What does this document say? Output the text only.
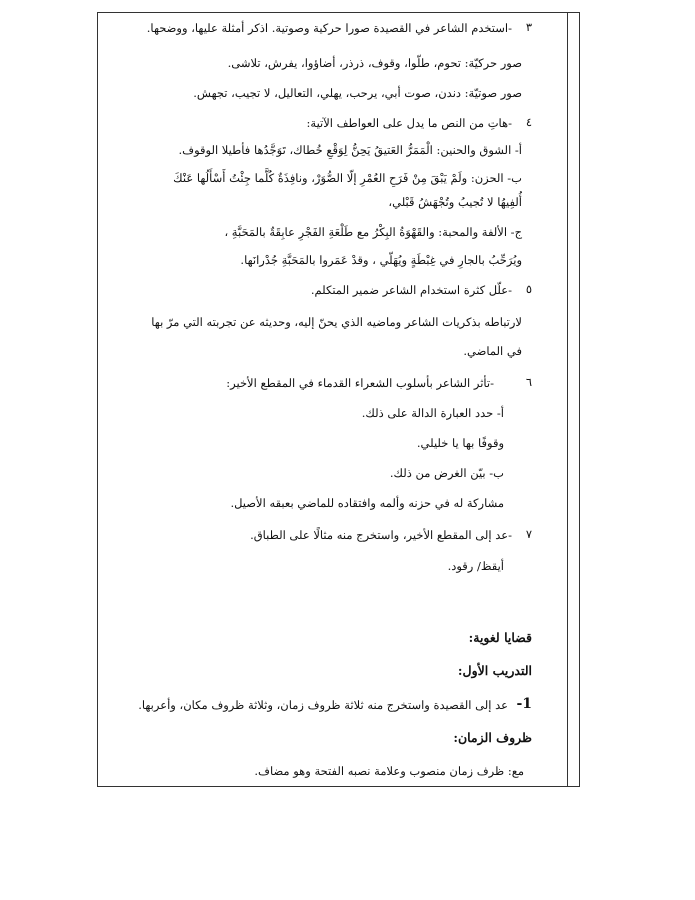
٣
-استخدم الشاعر في القصيدة صورا حركية وصوتية. اذكر أمثلة عليها، ووضحها.
صور حركيّة: تحوم، طلّوا، وقوف، ذرذر، أضاؤوا، يفرش، تلاشى.
صور صوتيّة: دندن، صوت أبي، يرحب، يهلي، التعاليل، لا تجيب، تجهش.
٤
-هاتِ من النص ما يدل على العواطف الآتية:
أ- الشوق والحنين: الْمَمَرُّ العَتيقُ يَحِنُّ لِوَقْعِ خُطاك، تَوَجَّدُها فأطيلا الوقوف.
ب- الحزن: ولَمْ يَبْقَ مِنْ فَرَحِ العُمْرِ إلّا الصُّوَرْ، ونافِذَةٌ كُلَّما جِئْتُ أَسْأَلُها عَنْكَ
أُلفِيهُا لا تُجيبُ وتُجْهَشُ قَبْلي،
ج- الألفة والمحبة: والقَهْوَةُ البِكْرُ مع طَلْعَةِ الفَجْرِ عابِقَةٌ بالمَحَبَّةِ ،
ويُرَحِّبُ بالجارِ في غِبْطَةٍ ويُهَلّي ، وقدْ عَمَروا بالمَحَبَّةِ جُدْرانَها.
٥
-علّل كثرة استخدام الشاعر ضمير المتكلم.
لارتباطه بذكريات الشاعر وماضيه الذي يحنّ إليه، وحديثه عن تجربته التي مرّ بها
في الماضي.
٦
-تأثر الشاعر بأسلوب الشعراء القدماء في المقطع الأخير:
أ- حدد العبارة الدالة على ذلك.
وقوفًا بها يا خليلي.
ب- بيّن الغرض من ذلك.
مشاركة له في حزنه وألمه وافتقاده للماضي بعبقه الأصيل.
٧
-عد إلى المقطع الأخير، واستخرج منه مثالًا على الطباق.
أيقظ/ رقود.
قضايا لغوية:
التدريب الأول:
1-
عد إلى القصيدة واستخرج منه ثلاثة ظروف زمان، وثلاثة ظروف مكان، وأعربها.
ظروف الزمان:
مع: ظرف زمان منصوب وعلامة نصبه الفتحة وهو مضاف.
